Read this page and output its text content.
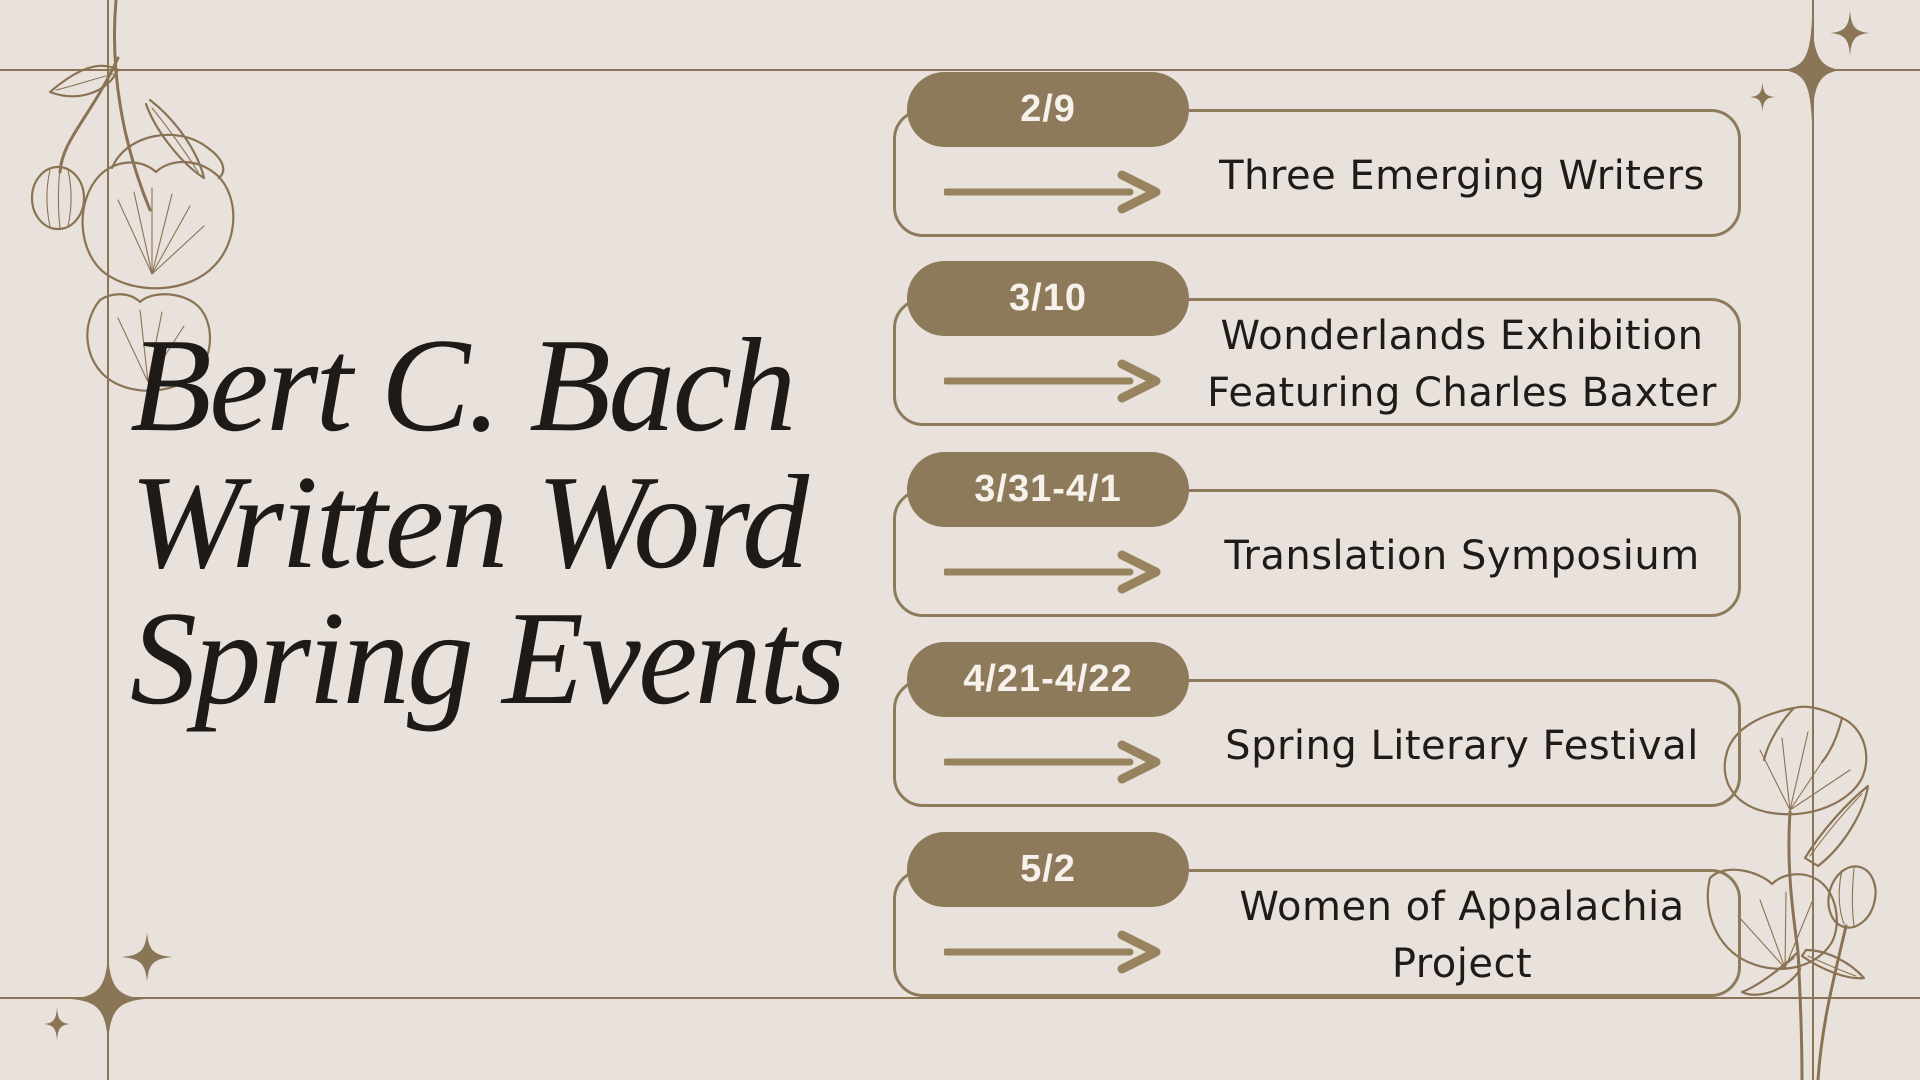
Bert C. Bach
Written Word
Spring Events
2/9
Three Emerging Writers
3/10
Wonderlands Exhibition Featuring Charles Baxter
3/31-4/1
Translation Symposium
4/21-4/22
Spring Literary Festival
5/2
Women of Appalachia Project
